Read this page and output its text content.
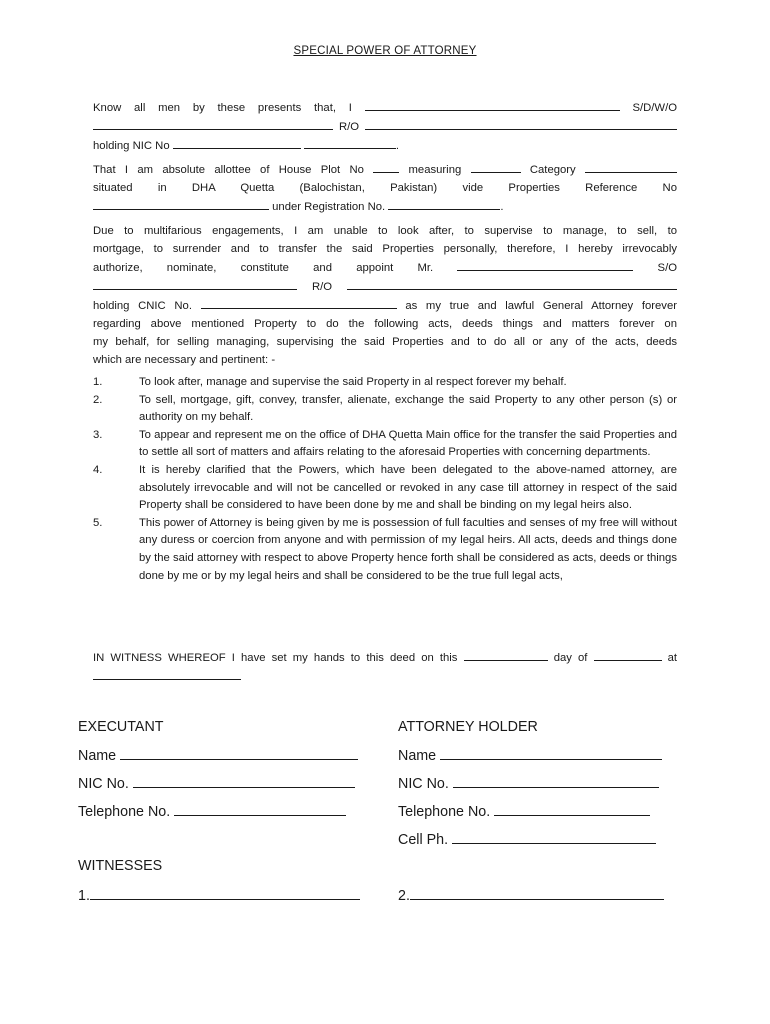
SPECIAL POWER OF ATTORNEY
Know all men by these presents that, I	S/D/W/O
R/O
holding NIC No	.
That I am absolute allottee of House Plot No	measuring	Category
situated in DHA Quetta (Balochistan, Pakistan) vide Properties Reference No
under Registration No.	.
Due to multifarious engagements, I am unable to look after, to supervise to manage, to sell, to
mortgage, to surrender and to transfer the said Properties personally, therefore, I hereby irrevocably
authorize, nominate, constitute and appoint Mr.	S/O
R/O
holding CNIC No.	as my true and lawful General Attorney forever
regarding above mentioned Property to do the following acts, deeds things and matters forever on
my behalf, for selling managing, supervising the said Properties and to do all or any of the acts, deeds
which are necessary and pertinent: -
1.	To look after, manage and supervise the said Property in al respect forever my behalf.
2.	To sell, mortgage, gift, convey, transfer, alienate, exchange the said Property to any other person (s) or authority on my behalf.
3.	To appear and represent me on the office of DHA Quetta Main office for the transfer the said Properties and to settle all sort of matters and affairs relating to the aforesaid Properties with concerning departments.
4.	It is hereby clarified that the Powers, which have been delegated to the above-named attorney, are absolutely irrevocable and will not be cancelled or revoked in any case till attorney in respect of the said Property shall be considered to have been done by me and shall be binding on my legal heirs also.
5.	This power of Attorney is being given by me is possession of full faculties and senses of my free will without any duress or coercion from anyone and with permission of my legal heirs. All acts, deeds and things done by the said attorney with respect to above Property hence forth shall be considered as acts, deeds or things done by me or by my legal heirs and shall be considered to be the true full legal acts,
IN WITNESS WHEREOF I have set my hands to this deed on this	day of	at
EXECUTANT
Name
NIC No.
Telephone No.
ATTORNEY HOLDER
Name
NIC No.
Telephone No.
Cell Ph.
WITNESSES
1.	2.
